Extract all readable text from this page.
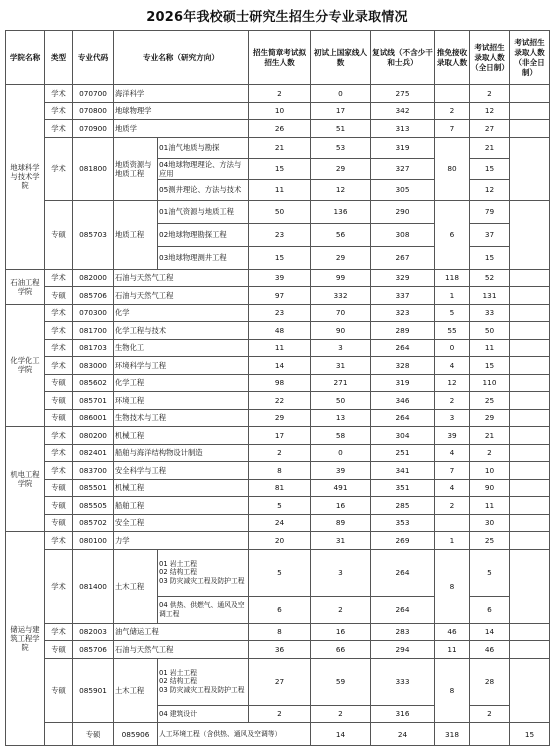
2026年我校硕士研究生招生分专业录取情况
学院名称	类型	专业代码	专业名称（研究方向）		招生简章考试拟招生人数	初试上国家线人数	复试线（不含少干和士兵）	推免接收录取人数	考试招生录取人数（全日制）	考试招生录取人数（非全日制）	
地球科学与技术学院	学术	070700	海洋科学		2	0	275		2		
	学术	070800	地球物理学		10	17	342	2	12		
	学术	070900	地质学		26	51	313	7	27		
	学术	081800	地质资源与地质工程	01油气地质与勘探	21	53	319	80	21		
				04地球物理理论、方法与应用	15	29	327		15		
				05测井理论、方法与技术	11	12	305		12		
	专硕	085703	地质工程	01油气资源与地质工程	50	136	290	6	79		
				02地球物理勘探工程	23	56	308		37		
				03地球物理测井工程	15	29	267		15		
石油工程学院	学术	082000	石油与天然气工程		39	99	329	118	52		
	专硕	085706	石油与天然气工程		97	332	337	1	131		
化学化工学院	学术	070300	化学		23	70	323	5	33		
	学术	081700	化学工程与技术		48	90	289	55	50		
	学术	081703	生物化工		11	3	264	0	11		
	学术	083000	环境科学与工程		14	31	328	4	15		
	专硕	085602	化学工程		98	271	319	12	110		
	专硕	085701	环境工程		22	50	346	2	25		
	专硕	086001	生物技术与工程		29	13	264	3	29		
机电工程学院	学术	080200	机械工程		17	58	304	39	21		
	学术	082401	船舶与海洋结构物设计制造		2	0	251	4	2		
	学术	083700	安全科学与工程		8	39	341	7	10		
	专硕	085501	机械工程		81	491	351	4	90		
	专硕	085505	船舶工程		5	16	285	2	11		
	专硕	085702	安全工程		24	89	353		30		
储运与建筑工程学院	学术	080100	力学		20	31	269	1	25		
	学术	081400	土木工程	01 岩土工程
02 结构工程
03 防灾减灾工程及防护工程	5	3	264	8	5		
				04 供热、供燃气、通风及空调工程	6	2	264		6		
	学术	082003	油气储运工程		8	16	283	46	14		
	专硕	085706	石油与天然气工程		36	66	294	11	46		
	专硕	085901	土木工程	01 岩土工程
02 结构工程
03 防灾减灾工程及防护工程	27	59	333	8	28		
				04 建筑设计	2	2	316		2		
		专硕	085906	人工环境工程（含供热、通风及空调等）		14	24	318		15	
